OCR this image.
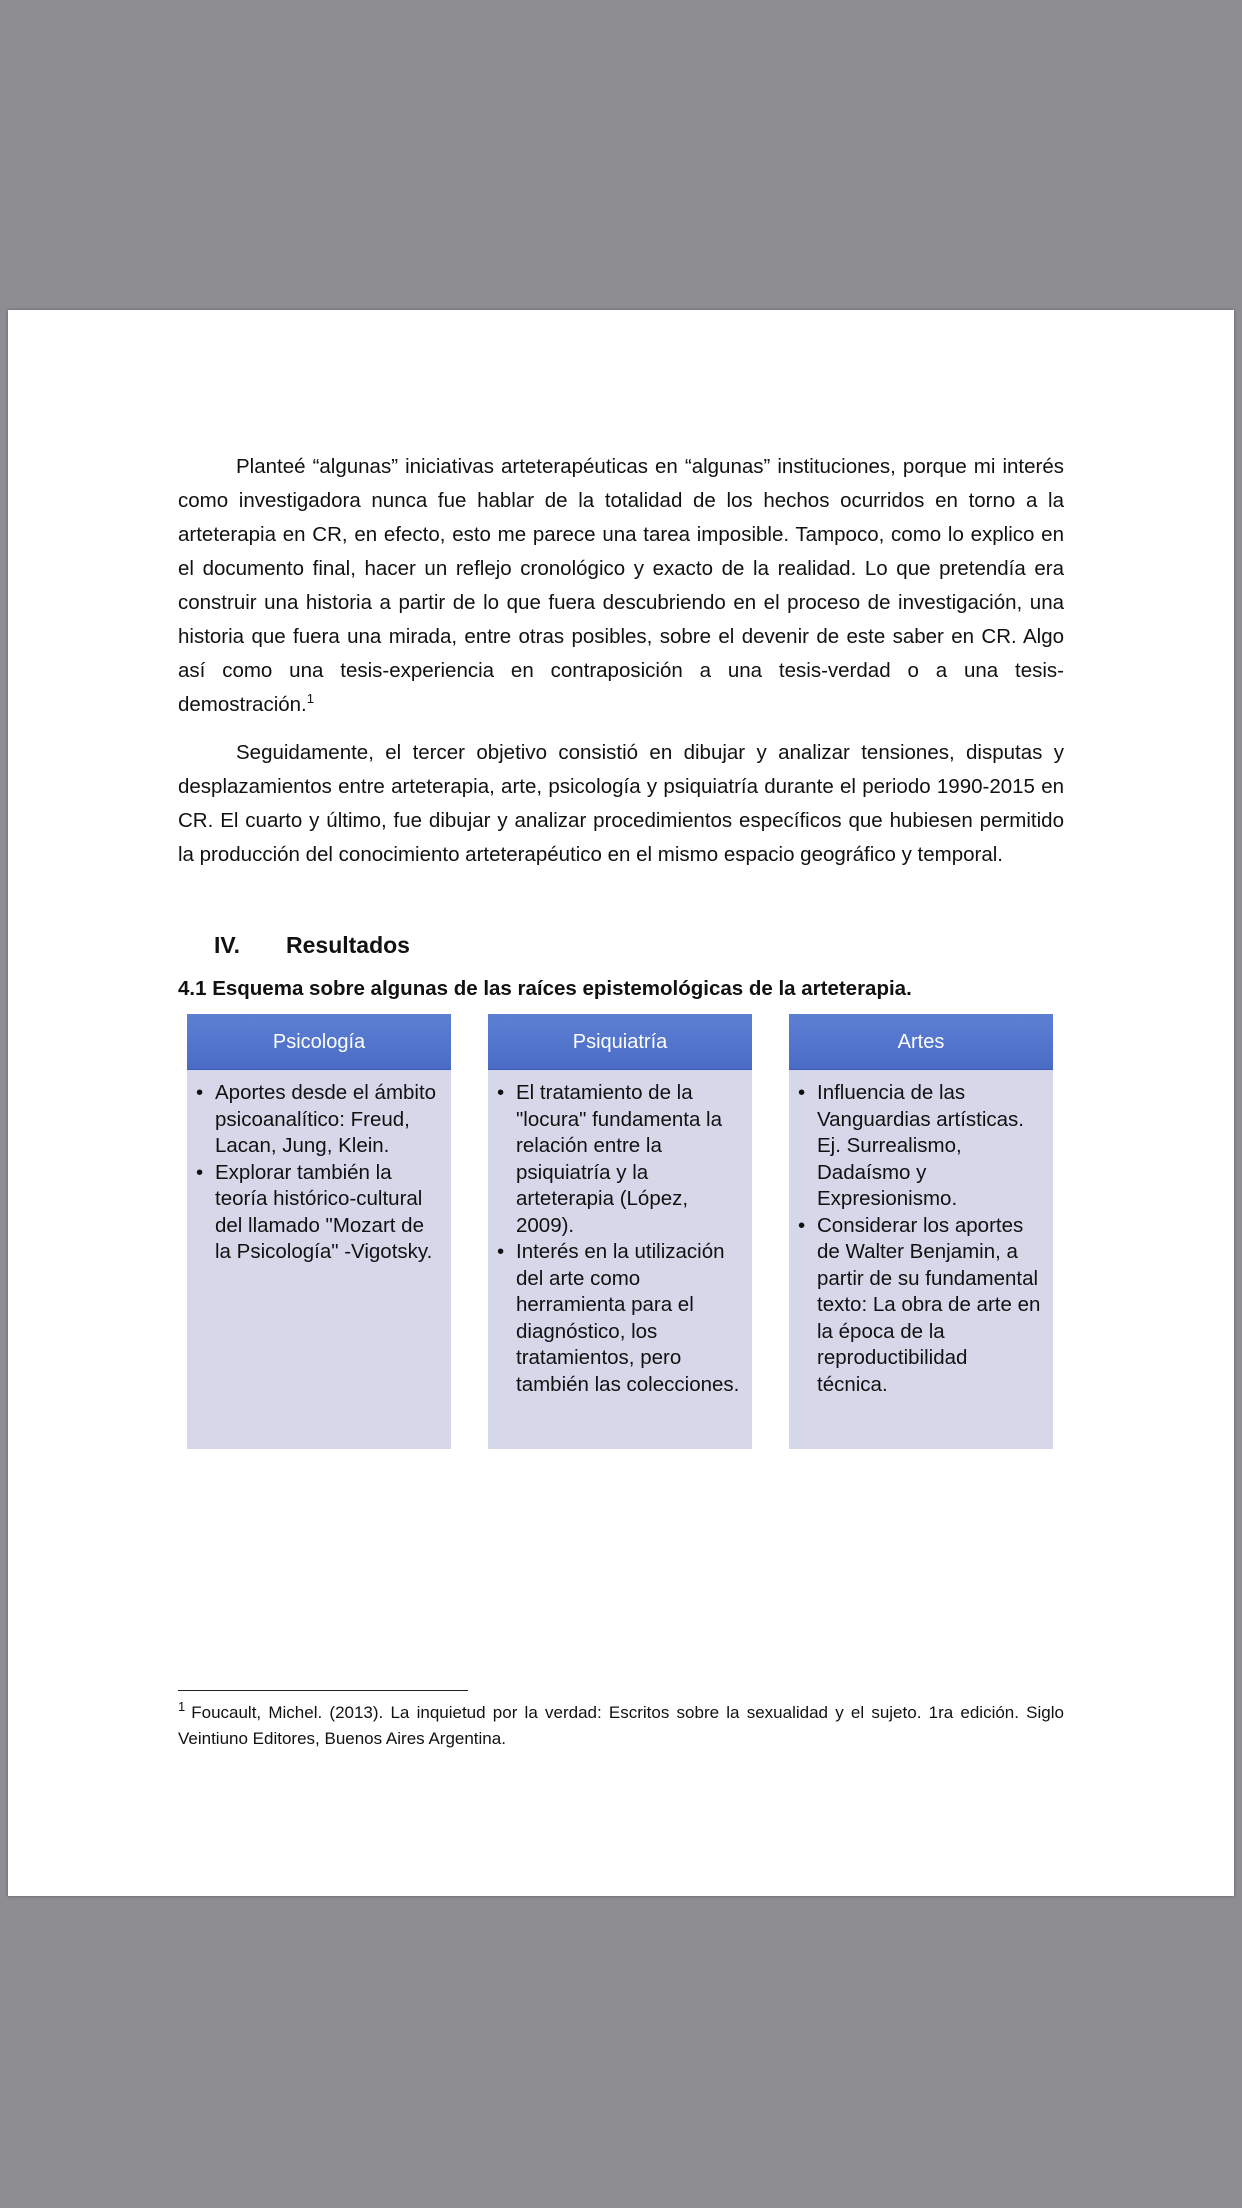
Planteé “algunas” iniciativas arteterapéuticas en “algunas” instituciones, porque mi interés como investigadora nunca fue hablar de la totalidad de los hechos ocurridos en torno a la arteterapia en CR, en efecto, esto me parece una tarea imposible. Tampoco, como lo explico en el documento final, hacer un reflejo cronológico y exacto de la realidad. Lo que pretendía era construir una historia a partir de lo que fuera descubriendo en el proceso de investigación, una historia que fuera una mirada, entre otras posibles, sobre el devenir de este saber en CR. Algo así como una tesis-experiencia en contraposición a una tesis-verdad o a una tesis-demostración.$^1$

Seguidamente, el tercer objetivo consistió en dibujar y analizar tensiones, disputas y desplazamientos entre arteterapia, arte, psicología y psiquiatría durante el periodo 1990-2015 en CR. El cuarto y último, fue dibujar y analizar procedimientos específicos que hubiesen permitido la producción del conocimiento arteterapéutico en el mismo espacio geográfico y temporal.

IV.	Resultados
4.1 Esquema sobre algunas de las raíces epistemológicas de la arteterapia.
Psicología
• Aportes desde el ámbito psicoanalítico: Freud, Lacan, Jung, Klein.
• Explorar también la teoría histórico-cultural del llamado "Mozart de la Psicología" -Vigotsky.
Psiquiatría
• El tratamiento de la "locura" fundamenta la relación entre la psiquiatría y la arteterapia (López, 2009).
• Interés en la utilización del arte como herramienta para el diagnóstico, los tratamientos, pero también las colecciones.
Artes
• Influencia de las Vanguardias artísticas. Ej. Surrealismo, Dadaísmo y Expresionismo.
• Considerar los aportes de Walter Benjamin, a partir de su fundamental texto: La obra de arte en la época de la reproductibilidad técnica.
$^1$ Foucault, Michel. (2013). La inquietud por la verdad: Escritos sobre la sexualidad y el sujeto. 1ra edición. Siglo Veintiuno Editores, Buenos Aires Argentina.
